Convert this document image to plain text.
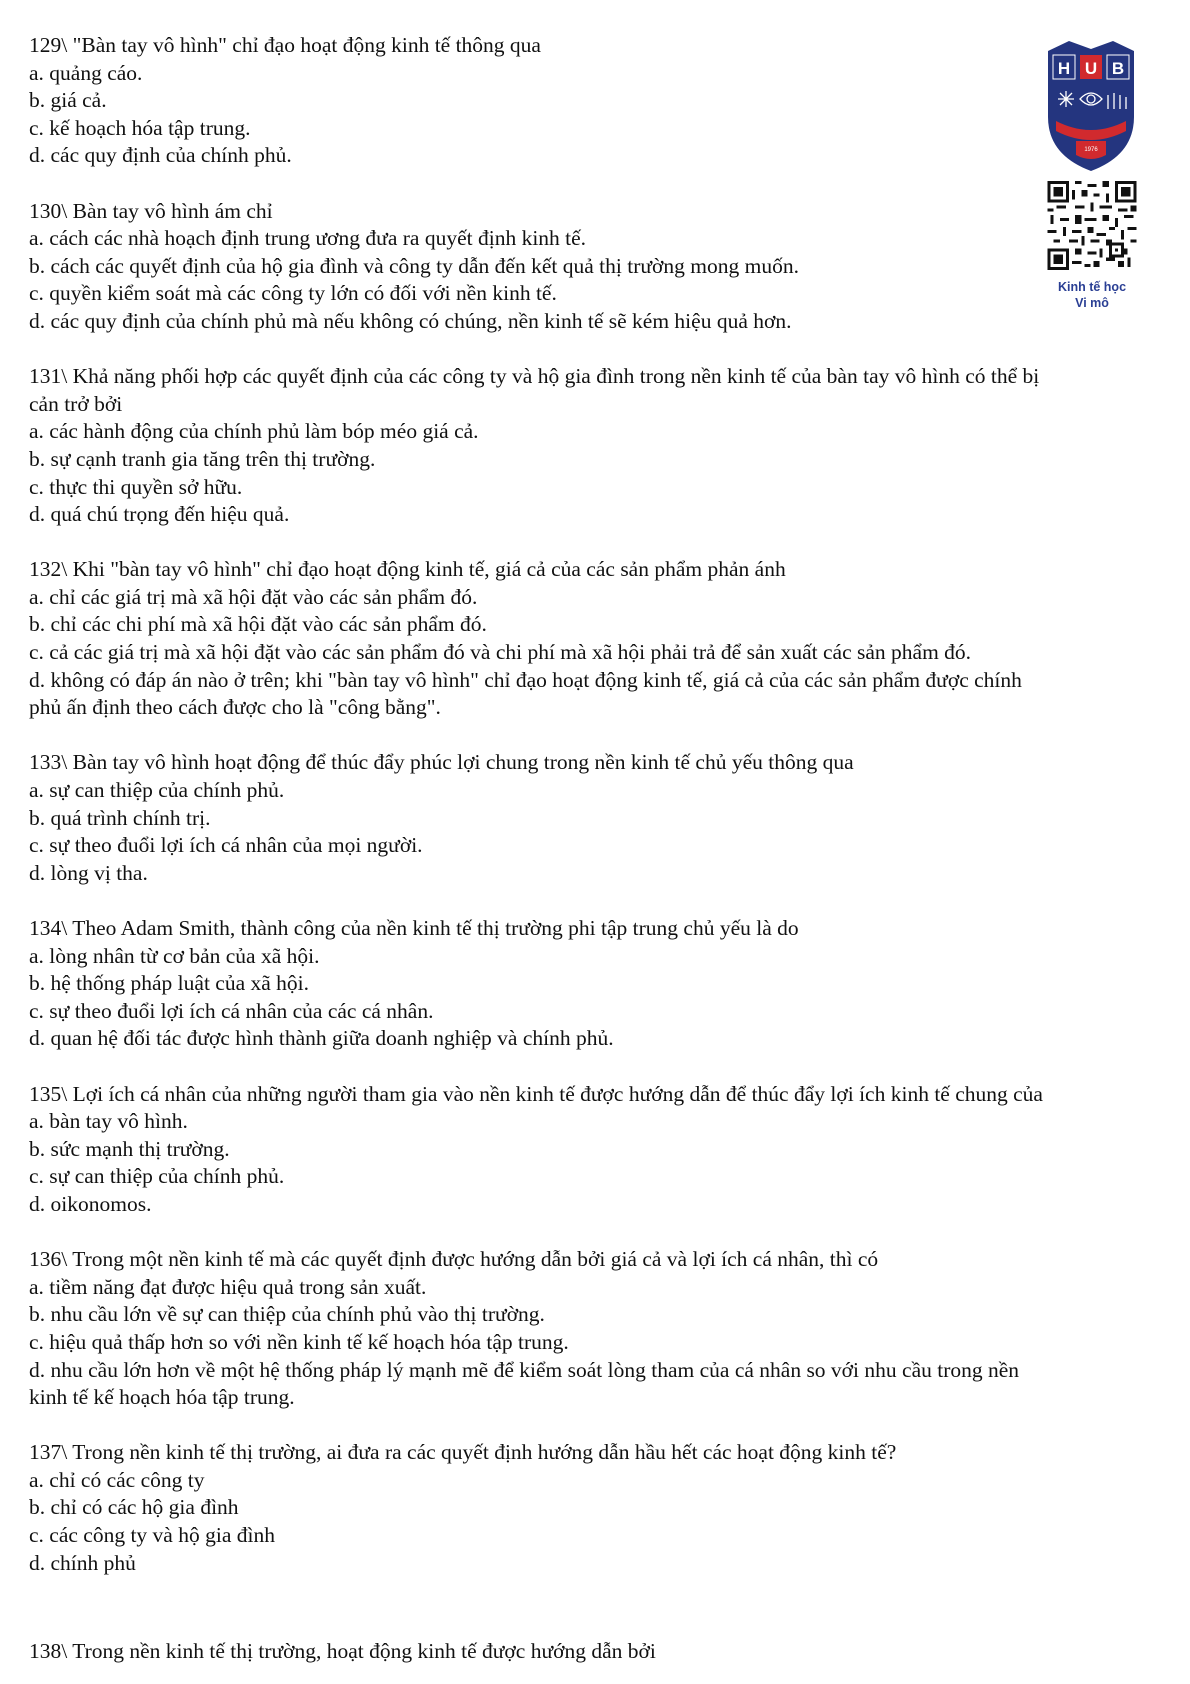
129\ "Bàn tay vô hình" chỉ đạo hoạt động kinh tế thông qua
a. quảng cáo.
b. giá cả.
c. kế hoạch hóa tập trung.
d. các quy định của chính phủ.
130\ Bàn tay vô hình ám chỉ
a. cách các nhà hoạch định trung ương đưa ra quyết định kinh tế.
b. cách các quyết định của hộ gia đình và công ty dẫn đến kết quả thị trường mong muốn.
c. quyền kiểm soát mà các công ty lớn có đối với nền kinh tế.
d. các quy định của chính phủ mà nếu không có chúng, nền kinh tế sẽ kém hiệu quả hơn.
131\ Khả năng phối hợp các quyết định của các công ty và hộ gia đình trong nền kinh tế của bàn tay vô hình có thể bị
cản trở bởi
a. các hành động của chính phủ làm bóp méo giá cả.
b. sự cạnh tranh gia tăng trên thị trường.
c. thực thi quyền sở hữu.
d. quá chú trọng đến hiệu quả.
132\ Khi "bàn tay vô hình" chỉ đạo hoạt động kinh tế, giá cả của các sản phẩm phản ánh
a. chỉ các giá trị mà xã hội đặt vào các sản phẩm đó.
b. chỉ các chi phí mà xã hội đặt vào các sản phẩm đó.
c. cả các giá trị mà xã hội đặt vào các sản phẩm đó và chi phí mà xã hội phải trả để sản xuất các sản phẩm đó.
d. không có đáp án nào ở trên; khi "bàn tay vô hình" chỉ đạo hoạt động kinh tế, giá cả của các sản phẩm được chính
phủ ấn định theo cách được cho là "công bằng".
133\ Bàn tay vô hình hoạt động để thúc đẩy phúc lợi chung trong nền kinh tế chủ yếu thông qua
a. sự can thiệp của chính phủ.
b. quá trình chính trị.
c. sự theo đuổi lợi ích cá nhân của mọi người.
d. lòng vị tha.
134\ Theo Adam Smith, thành công của nền kinh tế thị trường phi tập trung chủ yếu là do
a. lòng nhân từ cơ bản của xã hội.
b. hệ thống pháp luật của xã hội.
c. sự theo đuổi lợi ích cá nhân của các cá nhân.
d. quan hệ đối tác được hình thành giữa doanh nghiệp và chính phủ.
135\ Lợi ích cá nhân của những người tham gia vào nền kinh tế được hướng dẫn để thúc đẩy lợi ích kinh tế chung của
a. bàn tay vô hình.
b. sức mạnh thị trường.
c. sự can thiệp của chính phủ.
d. oikonomos.
136\ Trong một nền kinh tế mà các quyết định được hướng dẫn bởi giá cả và lợi ích cá nhân, thì có
a. tiềm năng đạt được hiệu quả trong sản xuất.
b. nhu cầu lớn về sự can thiệp của chính phủ vào thị trường.
c. hiệu quả thấp hơn so với nền kinh tế kế hoạch hóa tập trung.
d. nhu cầu lớn hơn về một hệ thống pháp lý mạnh mẽ để kiểm soát lòng tham của cá nhân so với nhu cầu trong nền
kinh tế kế hoạch hóa tập trung.
137\ Trong nền kinh tế thị trường, ai đưa ra các quyết định hướng dẫn hầu hết các hoạt động kinh tế?
a. chỉ có các công ty
b. chỉ có các hộ gia đình
c. các công ty và hộ gia đình
d. chính phủ
138\ Trong nền kinh tế thị trường, hoạt động kinh tế được hướng dẫn bởi
H U B
1976
Kinh tế học
Vi mô
